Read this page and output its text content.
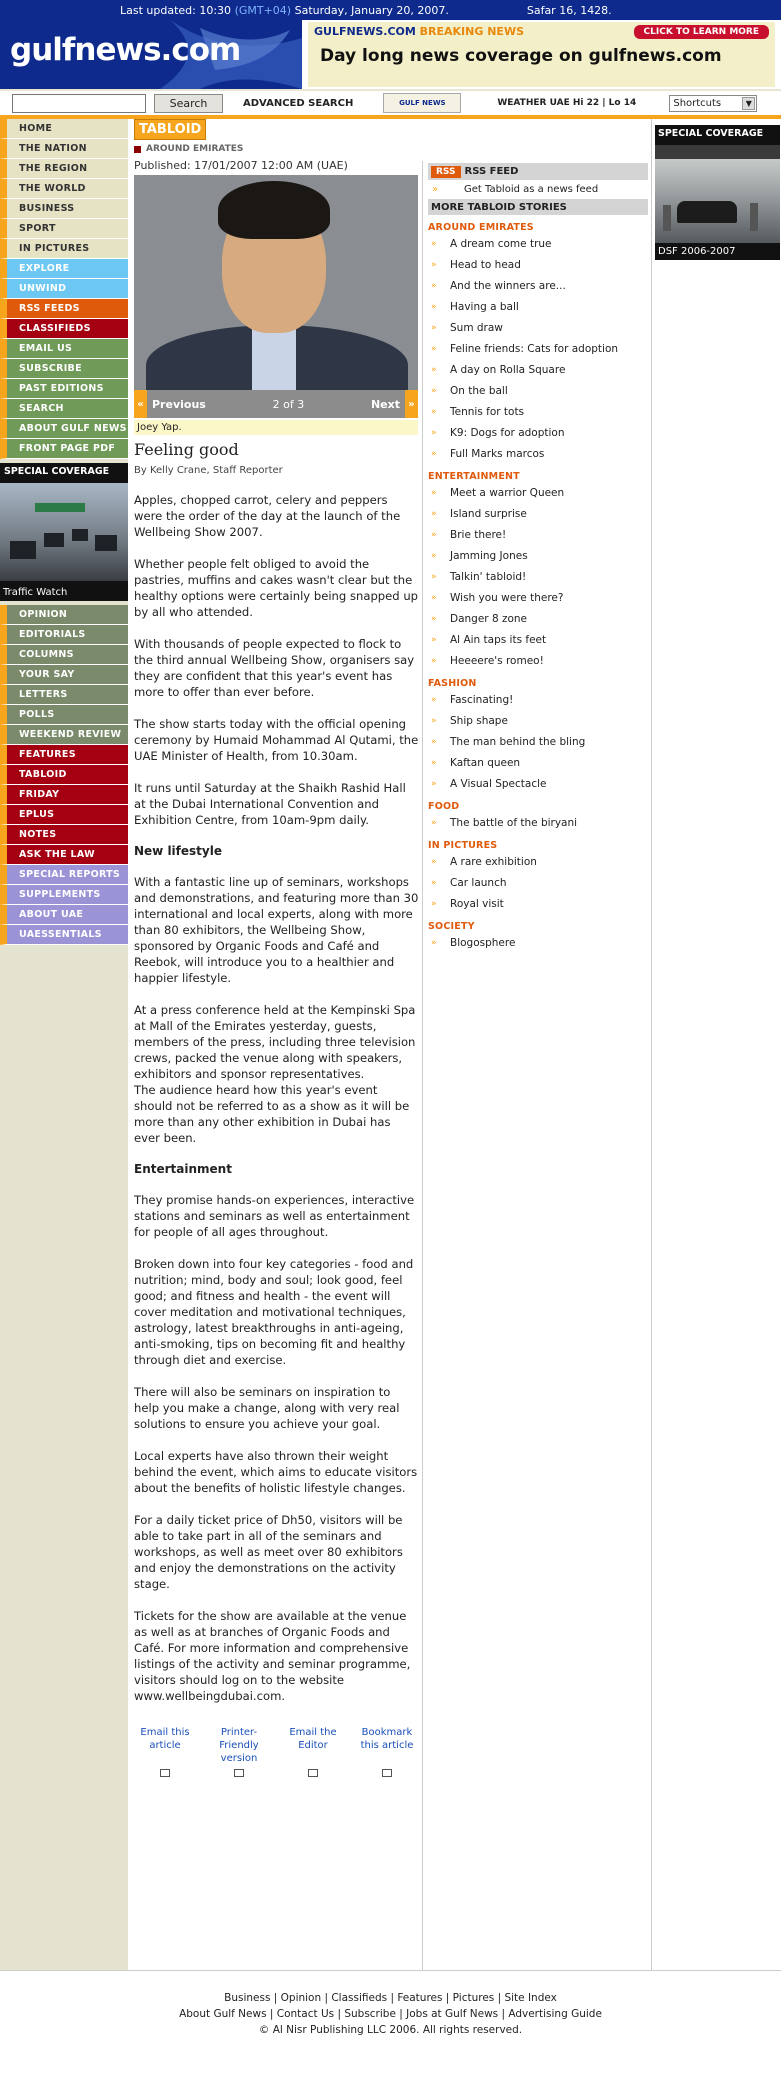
Last updated: 10:30
(GMT+04)
Saturday, January 20, 2007.	Safar 16, 1428.
gulfnews.com
GULFNEWS.COM BREAKING NEWS	CLICK TO LEARN MORE
Day long news coverage on gulfnews.com
Search	ADVANCED SEARCH	GULF NEWS	WEATHER UAE Hi 22 | Lo 14	Shortcuts	▼
HOME
THE NATION
THE REGION
THE WORLD
BUSINESS
SPORT
IN PICTURES
EXPLORE
UNWIND
RSS FEEDS
CLASSIFIEDS
EMAIL US
SUBSCRIBE
PAST EDITIONS
SEARCH
ABOUT GULF NEWS
FRONT PAGE PDF
SPECIAL COVERAGE
Traffic Watch
OPINION
EDITORIALS
COLUMNS
YOUR SAY
LETTERS
POLLS
WEEKEND REVIEW
FEATURES
TABLOID
FRIDAY
EPLUS
NOTES
ASK THE LAW
SPECIAL REPORTS
SUPPLEMENTS
ABOUT UAE
UAESSENTIALS
TABLOID
AROUND EMIRATES
Published: 17/01/2007 12:00 AM (UAE)
« Previous	2 of 3	Next »
Joey Yap.
Feeling good
By Kelly Crane, Staff Reporter
Apples, chopped carrot, celery and peppers were the order of the day at the launch of the Wellbeing Show 2007.
Whether people felt obliged to avoid the pastries, muffins and cakes wasn't clear but the healthy options were certainly being snapped up by all who attended.
With thousands of people expected to flock to the third annual Wellbeing Show, organisers say they are confident that this year's event has more to offer than ever before.
The show starts today with the official opening ceremony by Humaid Mohammad Al Qutami, the UAE Minister of Health, from 10.30am.
It runs until Saturday at the Shaikh Rashid Hall at the Dubai International Convention and Exhibition Centre, from 10am-9pm daily.
New lifestyle
With a fantastic line up of seminars, workshops and demonstrations, and featuring more than 30 international and local experts, along with more than 80 exhibitors, the Wellbeing Show, sponsored by Organic Foods and Café and Reebok, will introduce you to a healthier and happier lifestyle.
At a press conference held at the Kempinski Spa at Mall of the Emirates yesterday, guests, members of the press, including three television crews, packed the venue along with speakers, exhibitors and sponsor representatives.
The audience heard how this year's event should not be referred to as a show as it will be more than any other exhibition in Dubai has ever been.
Entertainment
They promise hands-on experiences, interactive stations and seminars as well as entertainment for people of all ages throughout.
Broken down into four key categories - food and nutrition; mind, body and soul; look good, feel good; and fitness and health - the event will cover meditation and motivational techniques, astrology, latest breakthroughs in anti-ageing, anti-smoking, tips on becoming fit and healthy through diet and exercise.
There will also be seminars on inspiration to help you make a change, along with very real solutions to ensure you achieve your goal.
Local experts have also thrown their weight behind the event, which aims to educate visitors about the benefits of holistic lifestyle changes.
For a daily ticket price of Dh50, visitors will be able to take part in all of the seminars and workshops, as well as meet over 80 exhibitors and enjoy the demonstrations on the activity stage.
Tickets for the show are available at the venue as well as at branches of Organic Foods and Café. For more information and comprehensive listings of the activity and seminar programme, visitors should log on to the website www.wellbeingdubai.com.
Email this article
Printer-Friendly version
Email the Editor
Bookmark this article
RSS RSS FEED
»	Get Tabloid as a news feed
MORE TABLOID STORIES
AROUND EMIRATES
»	A dream come true
»	Head to head
»	And the winners are...
»	Having a ball
»	Sum draw
»	Feline friends: Cats for adoption
»	A day on Rolla Square
»	On the ball
»	Tennis for tots
»	K9: Dogs for adoption
»	Full Marks marcos
ENTERTAINMENT
»	Meet a warrior Queen
»	Island surprise
»	Brie there!
»	Jamming Jones
»	Talkin' tabloid!
»	Wish you were there?
»	Danger 8 zone
»	Al Ain taps its feet
»	Heeeere's romeo!
FASHION
»	Fascinating!
»	Ship shape
»	The man behind the bling
»	Kaftan queen
»	A Visual Spectacle
FOOD
»	The battle of the biryani
IN PICTURES
»	A rare exhibition
»	Car launch
»	Royal visit
SOCIETY
»	Blogosphere
SPECIAL COVERAGE
DSF 2006-2007
Business | Opinion | Classifieds | Features | Pictures | Site Index
About Gulf News | Contact Us | Subscribe | Jobs at Gulf News | Advertising Guide
© Al Nisr Publishing LLC 2006. All rights reserved.
